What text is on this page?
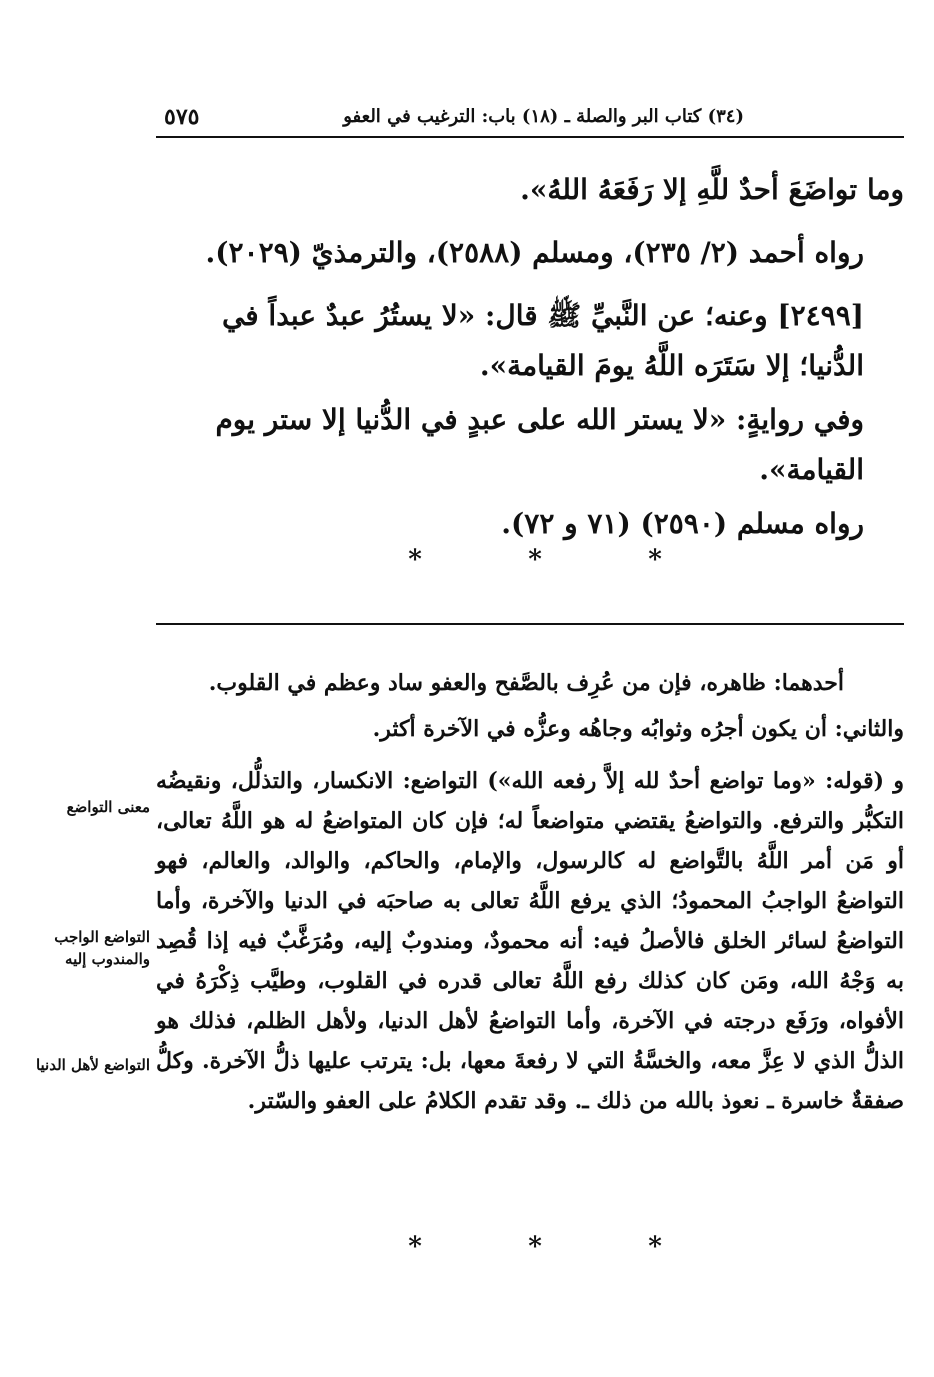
٥٧٥	(٣٤) كتاب البر والصلة ـ (١٨) باب: الترغيب في العفو

وما تواضَعَ أحدٌ للَّهِ إلا رَفَعَهُ اللهُ».

رواه أحمد (٢/ ٢٣٥)، ومسلم (٢٥٨٨)، والترمذيّ (٢٠٢٩).

[٢٤٩٩] وعنه؛ عن النَّبيِّ ﷺ قال: «لا يستُرُ عبدٌ عبداً في الدُّنيا؛ إلا سَتَرَه اللَّهُ يومَ القيامة».

وفي روايةٍ: «لا يستر الله على عبدٍ في الدُّنيا إلا ستر يوم القيامة».

رواه مسلم (٢٥٩٠) (٧١ و ٧٢).

*	*	*

أحدهما: ظاهره، فإن من عُرِف بالصَّفح والعفو ساد وعظم في القلوب.

والثاني: أن يكون أجرُه وثوابُه وجاهُه وعزُّه في الآخرة أكثر.

و (قوله: «وما تواضع أحدٌ لله إلاَّ رفعه الله») التواضع: الانكسار، والتذلُّل، ونقيضُه التكبُّر والترفع. والتواضعُ يقتضي متواضعاً له؛ فإن كان المتواضعُ له هو اللَّهُ تعالى، أو مَن أمر اللَّهُ بالتَّواضع له كالرسول، والإمام، والحاكم، والوالد، والعالم، فهو التواضعُ الواجبُ المحمودُ؛ الذي يرفع اللَّهُ تعالى به صاحبَه في الدنيا والآخرة، وأما التواضعُ لسائر الخلق فالأصلُ فيه: أنه محمودٌ، ومندوبٌ إليه، ومُرَغَّبٌ فيه إذا قُصِد به وَجْهُ الله، ومَن كان كذلك رفع اللَّهُ تعالى قدره في القلوب، وطيَّب ذِكْرَهُ في الأفواه، ورَفَع درجته في الآخرة، وأما التواضعُ لأهل الدنيا، ولأهل الظلم، فذلك هو الذلُّ الذي لا عِزَّ معه، والخسَّةُ التي لا رفعةَ معها، بل: يترتب عليها ذلُّ الآخرة. وكلُّ صفقةٌ خاسرة ـ نعوذ بالله من ذلك ـ. وقد تقدم الكلامُ على العفو والسّتر.

معنى التواضع
التواضع الواجب والمندوب إليه
التواضع لأهل الدنيا
*	*	*
